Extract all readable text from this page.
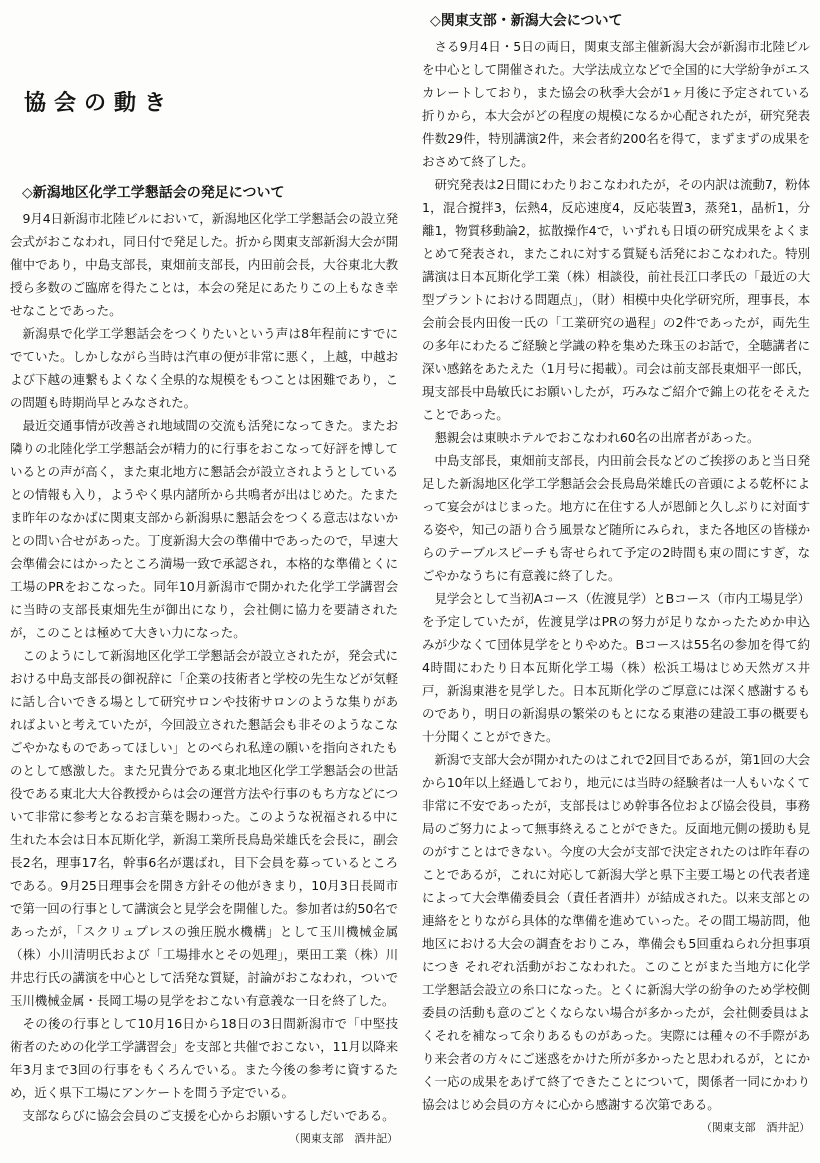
協会の動き
◇新潟地区化学工学懇話会の発足について

9月4日新潟市北陸ビルにおいて，新潟地区化学工学懇話会の設立発会式がおこなわれ，同日付で発足した。折から関東支部新潟大会が開催中であり，中島支部長，東畑前支部長，内田前会長，大谷東北大教授ら多数のご臨席を得たことは，本会の発足にあたりこの上もなき幸せなことであった。

新潟県で化学工学懇話会をつくりたいという声は8年程前にすでにでていた。しかしながら当時は汽車の便が非常に悪く，上越，中越および下越の連繋もよくなく全県的な規模をもつことは困難であり，この問題も時期尚早とみなされた。

最近交通事情が改善され地域間の交流も活発になってきた。またお隣りの北陸化学工学懇話会が精力的に行事をおこなって好評を博しているとの声が高く，また東北地方に懇話会が設立されようとしているとの情報も入り，ようやく県内諸所から共鳴者が出はじめた。たまたま昨年のなかばに関東支部から新潟県に懇話会をつくる意志はないかとの問い合せがあった。丁度新潟大会の準備中であったので，早速大会準備会にはかったところ満場一致で承認され，本格的な準備とくに工場のPRをおこなった。同年10月新潟市で開かれた化学工学講習会に当時の支部長東畑先生が御出になり，会社側に協力を要請されたが，このことは極めて大きい力になった。

このようにして新潟地区化学工学懇話会が設立されたが，発会式における中島支部長の御祝辞に「企業の技術者と学校の先生などが気軽に話し合いできる場として研究サロンや技術サロンのような集りがあればよいと考えていたが，今回設立された懇話会も非そのようなこなごやかなものであってほしい」とのべられ私達の願いを指向されたものとして感激した。また兄貴分である東北地区化学工学懇話会の世話役である東北大大谷教授からは会の運営方法や行事のもち方などについて非常に参考となるお言葉を賜わった。このような祝福される中に生れた本会は日本瓦斯化学，新潟工業所長鳥島栄雄氏を会長に，副会長2名，理事17名，幹事6名が選ばれ，目下会員を募っているところである。9月25日理事会を開き方針その他がきまり，10月3日長岡市で第一回の行事として講演会と見学会を開催した。参加者は約50名であったが，「スクリュプレスの強圧脱水機構」として玉川機械金属（株）小川清明氏および「工場排水とその処理」，栗田工業（株）川井忠行氏の講演を中心として活発な質疑，討論がおこなわれ，ついで玉川機械金属・長岡工場の見学をおこない有意義な一日を終了した。

その後の行事として10月16日から18日の3日間新潟市で「中堅技術者のための化学工学講習会」を支部と共催でおこない，11月以降来年3月まで3回の行事をもくろんでいる。また今後の参考に資するため，近く県下工場にアンケートを問う予定でいる。

支部ならびに協会会員のご支援を心からお願いするしだいである。

（関東支部　酒井記）
◇関東支部・新潟大会について

さる9月4日・5日の両日，関東支部主催新潟大会が新潟市北陸ビルを中心として開催された。大学法成立などで全国的に大学紛争がエスカレートしており，また協会の秋季大会が1ヶ月後に予定されている折りから，本大会がどの程度の規模になるか心配されたが，研究発表件数29件，特別講演2件，来会者約200名を得て，まずまずの成果をおさめて終了した。

研究発表は2日間にわたりおこなわれたが，その内訳は流動7，粉体1，混合撹拌3，伝熱4，反応速度4，反応装置3，蒸発1，晶析1，分離1，物質移動論2，拡散操作4で，いずれも日頃の研究成果をよくまとめて発表され，またこれに対する質疑も活発におこなわれた。特別講演は日本瓦斯化学工業（株）相談役，前社長江口孝氏の「最近の大型プラントにおける問題点」，（財）相模中央化学研究所，理事長，本会前会長内田俊一氏の「工業研究の過程」の2件であったが，両先生の多年にわたるご経験と学識の粋を集めた珠玉のお話で，全聴講者に深い感銘をあたえた（1月号に掲載）。司会は前支部長東畑平一郎氏，現支部長中島敏氏にお願いしたが，巧みなご紹介で錦上の花をそえたことであった。

懇親会は東映ホテルでおこなわれ60名の出席者があった。

中島支部長，東畑前支部長，内田前会長などのご挨拶のあと当日発足した新潟地区化学工学懇話会会長鳥島栄雄氏の音頭による乾杯によって宴会がはじまった。地方に在住する人が恩師と久しぶりに対面する姿や，知己の語り合う風景など随所にみられ，また各地区の皆様からのテーブルスピーチも寄せられて予定の2時間も束の間にすぎ，なごやかなうちに有意義に終了した。

見学会として当初Aコース（佐渡見学）とBコース（市内工場見学）を予定していたが，佐渡見学はPRの努力が足りなかったためか申込みが少なくて団体見学をとりやめた。Bコースは55名の参加を得て約4時間にわたり日本瓦斯化学工場（株）松浜工場はじめ天然ガス井戸，新潟東港を見学した。日本瓦斯化学のご厚意には深く感謝するものであり，明日の新潟県の繁栄のもとになる東港の建設工事の概要も十分聞くことができた。

新潟で支部大会が開かれたのはこれで2回目であるが，第1回の大会から10年以上経過しており，地元には当時の経験者は一人もいなくて非常に不安であったが，支部長はじめ幹事各位および協会役員，事務局のご努力によって無事終えることができた。反面地元側の援助も見のがすことはできない。今度の大会が支部で決定されたのは昨年春のことであるが，これに対応して新潟大学と県下主要工場との代表者達によって大会準備委員会（責任者酒井）が結成された。以来支部との連絡をとりながら具体的な準備を進めていった。その間工場訪問，他地区における大会の調査をおりこみ，準備会も5回重ねられ分担事項につき それぞれ活動がおこなわれた。このことがまた当地方に化学工学懇話会設立の糸口になった。とくに新潟大学の紛争のため学校側委員の活動も意のごとくならない場合が多かったが，会社側委員はよくそれを補なって余りあるものがあった。実際には種々の不手際があり来会者の方々にご迷惑をかけた所が多かったと思われるが，とにかく一応の成果をあげて終了できたことについて，関係者一同にかわり協会はじめ会員の方々に心から感謝する次第である。

（関東支部　酒井記）
